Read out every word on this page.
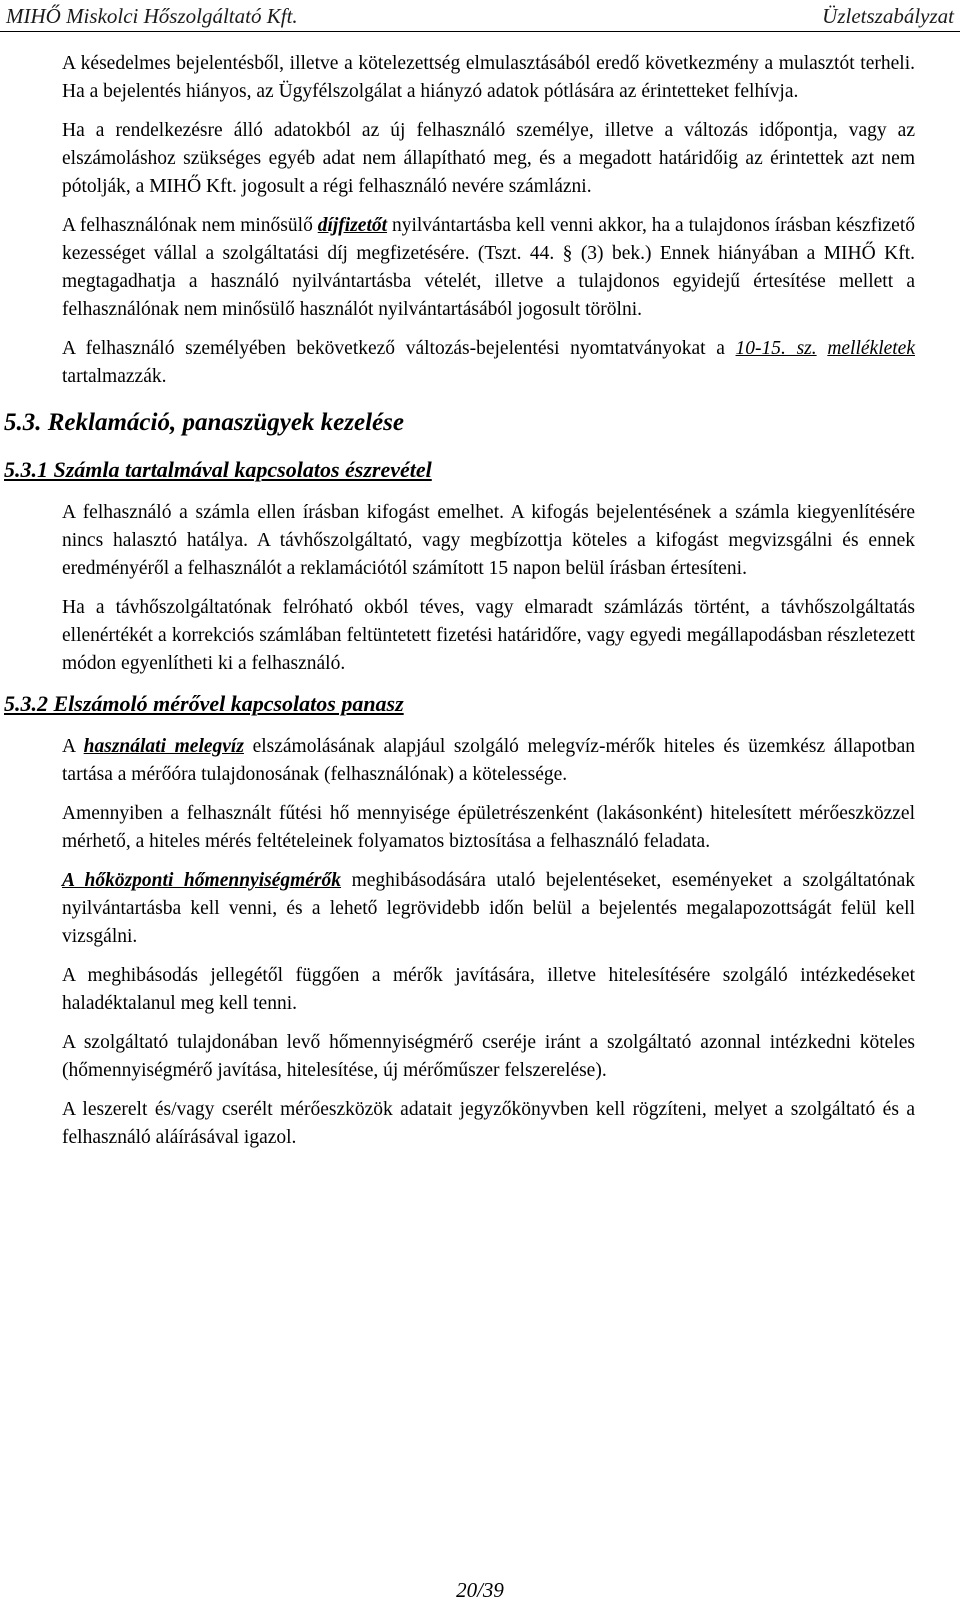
MIHŐ Miskolci Hőszolgáltató Kft.	Üzletszabályzat

A késedelmes bejelentésből, illetve a kötelezettség elmulasztásából eredő következmény a mulasztót terheli. Ha a bejelentés hiányos, az Ügyfélszolgálat a hiányzó adatok pótlására az érintetteket felhívja.

Ha a rendelkezésre álló adatokból az új felhasználó személye, illetve a változás időpontja, vagy az elszámoláshoz szükséges egyéb adat nem állapítható meg, és a megadott határidőig az érintettek azt nem pótolják, a MIHŐ Kft. jogosult a régi felhasználó nevére számlázni.

A felhasználónak nem minősülő díjfizetőt nyilvántartásba kell venni akkor, ha a tulajdonos írásban készfizető kezességet vállal a szolgáltatási díj megfizetésére. (Tszt. 44. § (3) bek.) Ennek hiányában a MIHŐ Kft. megtagadhatja a használó nyilvántartásba vételét, illetve a tulajdonos egyidejű értesítése mellett a felhasználónak nem minősülő használót nyilvántartásából jogosult törölni.

A felhasználó személyében bekövetkező változás-bejelentési nyomtatványokat a 10-15. sz. mellékletek tartalmazzák.

5.3. Reklamáció, panaszügyek kezelése
5.3.1 Számla tartalmával kapcsolatos észrevétel

A felhasználó a számla ellen írásban kifogást emelhet. A kifogás bejelentésének a számla kiegyenlítésére nincs halasztó hatálya. A távhőszolgáltató, vagy megbízottja köteles a kifogást megvizsgálni és ennek eredményéről a felhasználót a reklamációtól számított 15 napon belül írásban értesíteni.

Ha a távhőszolgáltatónak felróható okból téves, vagy elmaradt számlázás történt, a távhőszolgáltatás ellenértékét a korrekciós számlában feltüntetett fizetési határidőre, vagy egyedi megállapodásban részletezett módon egyenlítheti ki a felhasználó.

5.3.2 Elszámoló mérővel kapcsolatos panasz

A használati melegvíz elszámolásának alapjául szolgáló melegvíz-mérők hiteles és üzemkész állapotban tartása a mérőóra tulajdonosának (felhasználónak) a kötelessége.

Amennyiben a felhasznált fűtési hő mennyisége épületrészenként (lakásonként) hitelesített mérőeszközzel mérhető, a hiteles mérés feltételeinek folyamatos biztosítása a felhasználó feladata.

A hőközponti hőmennyiségmérők meghibásodására utaló bejelentéseket, eseményeket a szolgáltatónak nyilvántartásba kell venni, és a lehető legrövidebb időn belül a bejelentés megalapozottságát felül kell vizsgálni.

A meghibásodás jellegétől függően a mérők javítására, illetve hitelesítésére szolgáló intézkedéseket haladéktalanul meg kell tenni.

A szolgáltató tulajdonában levő hőmennyiségmérő cseréje iránt a szolgáltató azonnal intézkedni köteles (hőmennyiségmérő javítása, hitelesítése, új mérőműszer felszerelése).

A leszerelt és/vagy cserélt mérőeszközök adatait jegyzőkönyvben kell rögzíteni, melyet a szolgáltató és a felhasználó aláírásával igazol.

20/39
